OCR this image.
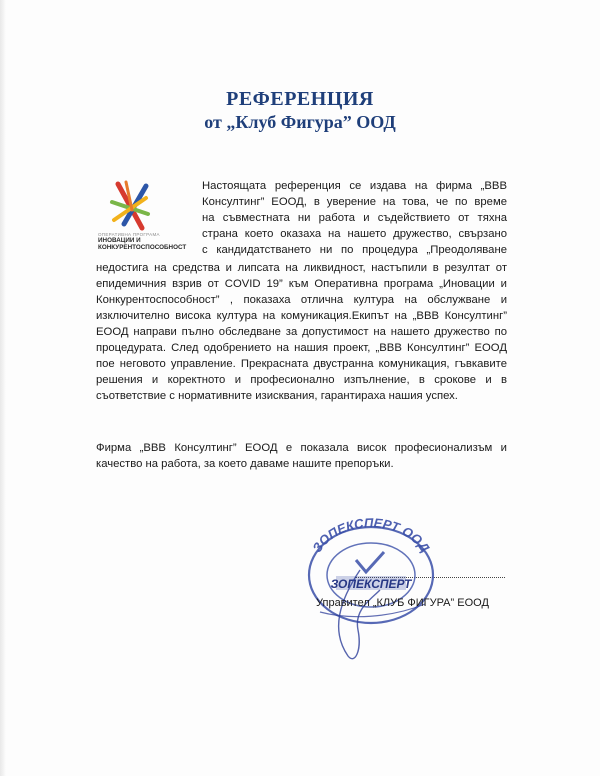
РЕФЕРЕНЦИЯ
от „Клуб Фигура” ООД
ОПЕРАТИВНА ПРОГРАМА
ИНОВАЦИИ И
КОНКУРЕНТОСПОСОБНОСТ
Настоящата референция се издава на фирма „ВВВ
Консултинг” ЕООД, в уверение на това, че по време
на съвместната ни работа и съдействието от тяхна
страна което оказаха на нашето дружество, свързано
с кандидатстването ни по процедура „Преодоляване
недостига на средства и липсата на ликвидност, настъпили в резултат от епидемичния взрив от COVID 19” към Оперативна програма „Иновации и Конкурентоспособност” , показаха отлична култура на обслужване и изключително висока култура на комуникация.Екипът на „ВВВ Консултинг” ЕООД направи пълно обследване за допустимост на нашето дружество по процедурата. След одобрението на нашия проект, „ВВВ Консултинг” ЕООД пое неговото управление. Прекрасната двустранна комуникация, гъвкавите решения и коректното и професионално изпълнение, в срокове и в съответствие с нормативните изисквания, гарантираха нашия успех.
Фирма „ВВВ Консултинг” ЕООД е показала висок професионализъм и качество на работа, за което даваме нашите препоръки.
ЗОПЕКСПЕРТ ООД
ЗОПЕКСПЕРТ
Управител „КЛУБ ФИГУРА” ЕООД
